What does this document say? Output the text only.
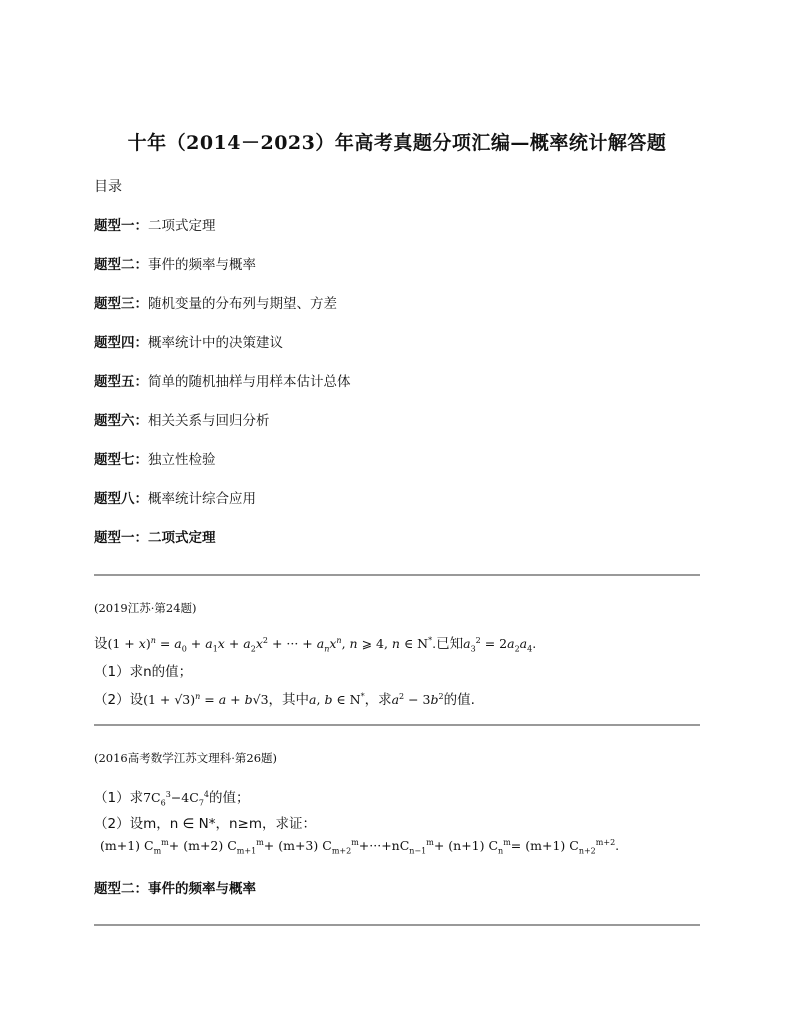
十年（2014－2023）年高考真题分项汇编—概率统计解答题
目录
题型一：二项式定理
题型二：事件的频率与概率
题型三：随机变量的分布列与期望、方差
题型四：概率统计中的决策建议
题型五：简单的随机抽样与用样本估计总体
题型六：相关关系与回归分析
题型七：独立性检验
题型八：概率统计综合应用
题型一：二项式定理
(2019江苏·第24题)
设$(1 + x)^n = a_0 + a_1x + a_2x^2$ + ··· + $a_nx^n$, n ⩾ 4, n ∈ N*.已知$a_3^2 = 2a_2a_4$.
（1）求n的值；
（2）设$(1 + √3)^n = a + b√3$，其中a, b ∈ N*，求$a^2 - 3b^2$的值.
(2016高考数学江苏文理科·第26题)
（1）求$7C_6^3-4C_7^4$的值；
（2）设m，n ∈ N*，n≥m，求证：
(m+1) $C_m^m+ (m+2)$ $C_{m+1}^m+ (m+3)$ $C_{m+2}^m+\cdot\cdot\cdot+nC_{n-1}^m+ (n+1)$ $C_n^m= (m+1)$ $C_{n+2}^{m+2}$.
题型二：事件的频率与概率
